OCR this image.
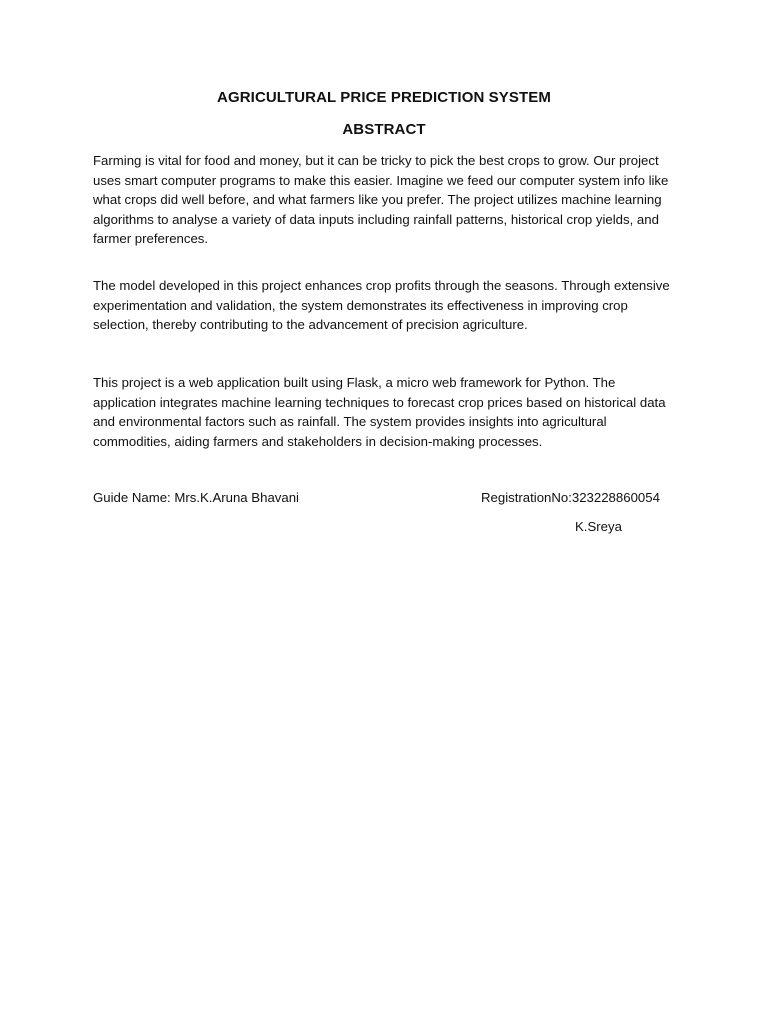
AGRICULTURAL PRICE PREDICTION SYSTEM
ABSTRACT

Farming is vital for food and money, but it can be tricky to pick the best crops to grow. Our project uses smart computer programs to make this easier. Imagine we feed our computer system info like what crops did well before, and what farmers like you prefer. The project utilizes machine learning algorithms to analyse a variety of data inputs including rainfall patterns, historical crop yields, and farmer preferences.

The model developed in this project enhances crop profits through the seasons. Through extensive experimentation and validation, the system demonstrates its effectiveness in improving crop selection, thereby contributing to the advancement of precision agriculture.

This project is a web application built using Flask, a micro web framework for Python. The application integrates machine learning techniques to forecast crop prices based on historical data and environmental factors such as rainfall. The system provides insights into agricultural commodities, aiding farmers and stakeholders in decision-making processes.

Guide Name: Mrs.K.Aruna Bhavani	RegistrationNo:323228860054
K.Sreya
